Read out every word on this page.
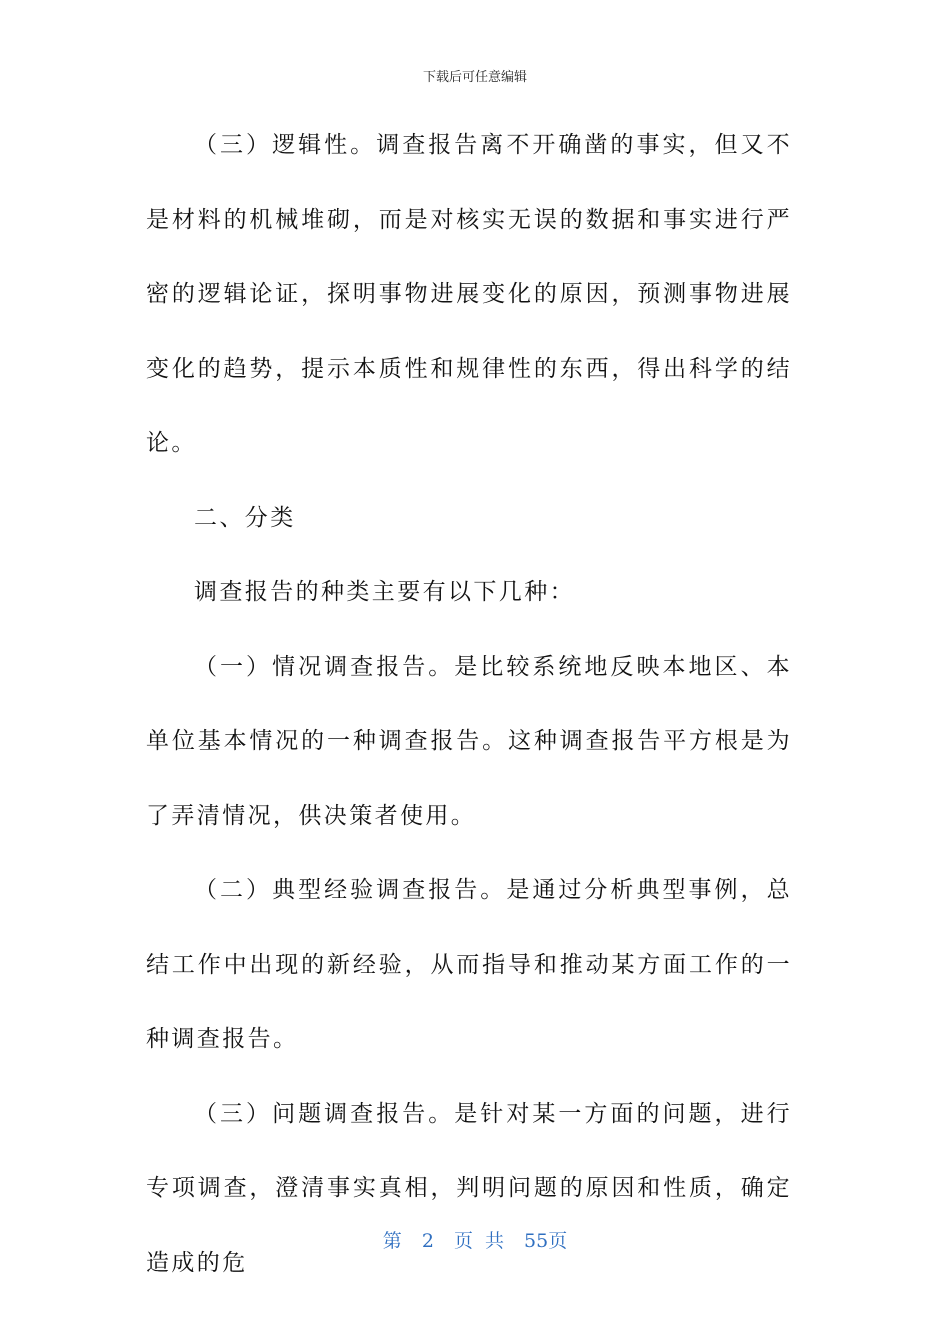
下载后可任意编辑

（三）逻辑性。调查报告离不开确凿的事实，但又不是材料的机械堆砌，而是对核实无误的数据和事实进行严密的逻辑论证，探明事物进展变化的原因，预测事物进展变化的趋势，提示本质性和规律性的东西，得出科学的结论。

二、分类

调查报告的种类主要有以下几种：

（一）情况调查报告。是比较系统地反映本地区、本单位基本情况的一种调查报告。这种调查报告平方根是为了弄清情况，供决策者使用。

（二）典型经验调查报告。是通过分析典型事例，总结工作中出现的新经验，从而指导和推动某方面工作的一种调查报告。

（三）问题调查报告。是针对某一方面的问题，进行专项调查，澄清事实真相，判明问题的原因和性质，确定造成的危

第 2 页 共 55页
